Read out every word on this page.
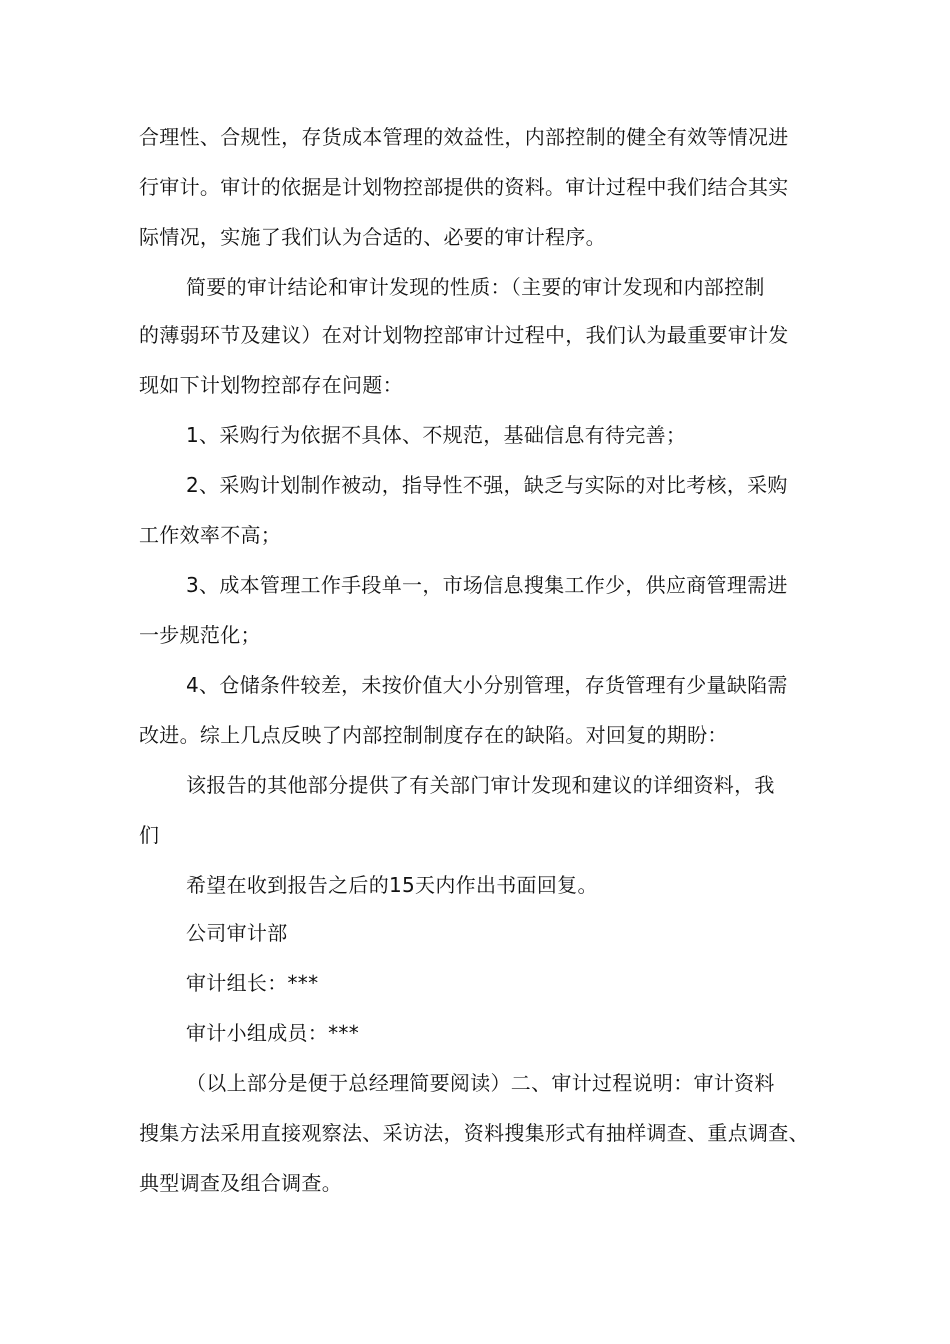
合理性、合规性，存货成本管理的效益性，内部控制的健全有效等情况进
行审计。审计的依据是计划物控部提供的资料。审计过程中我们结合其实
际情况，实施了我们认为合适的、必要的审计程序。
简要的审计结论和审计发现的性质：（主要的审计发现和内部控制
的薄弱环节及建议）在对计划物控部审计过程中，我们认为最重要审计发
现如下计划物控部存在问题：
1、采购行为依据不具体、不规范，基础信息有待完善；
2、采购计划制作被动，指导性不强，缺乏与实际的对比考核，采购
工作效率不高；
3、成本管理工作手段单一，市场信息搜集工作少，供应商管理需进
一步规范化；
4、仓储条件较差，未按价值大小分别管理，存货管理有少量缺陷需
改进。综上几点反映了内部控制制度存在的缺陷。对回复的期盼：
该报告的其他部分提供了有关部门审计发现和建议的详细资料，我
们
希望在收到报告之后的15天内作出书面回复。
公司审计部
审计组长：***
审计小组成员：***
（以上部分是便于总经理简要阅读）二、审计过程说明：审计资料
搜集方法采用直接观察法、采访法，资料搜集形式有抽样调查、重点调查、
典型调查及组合调查。
